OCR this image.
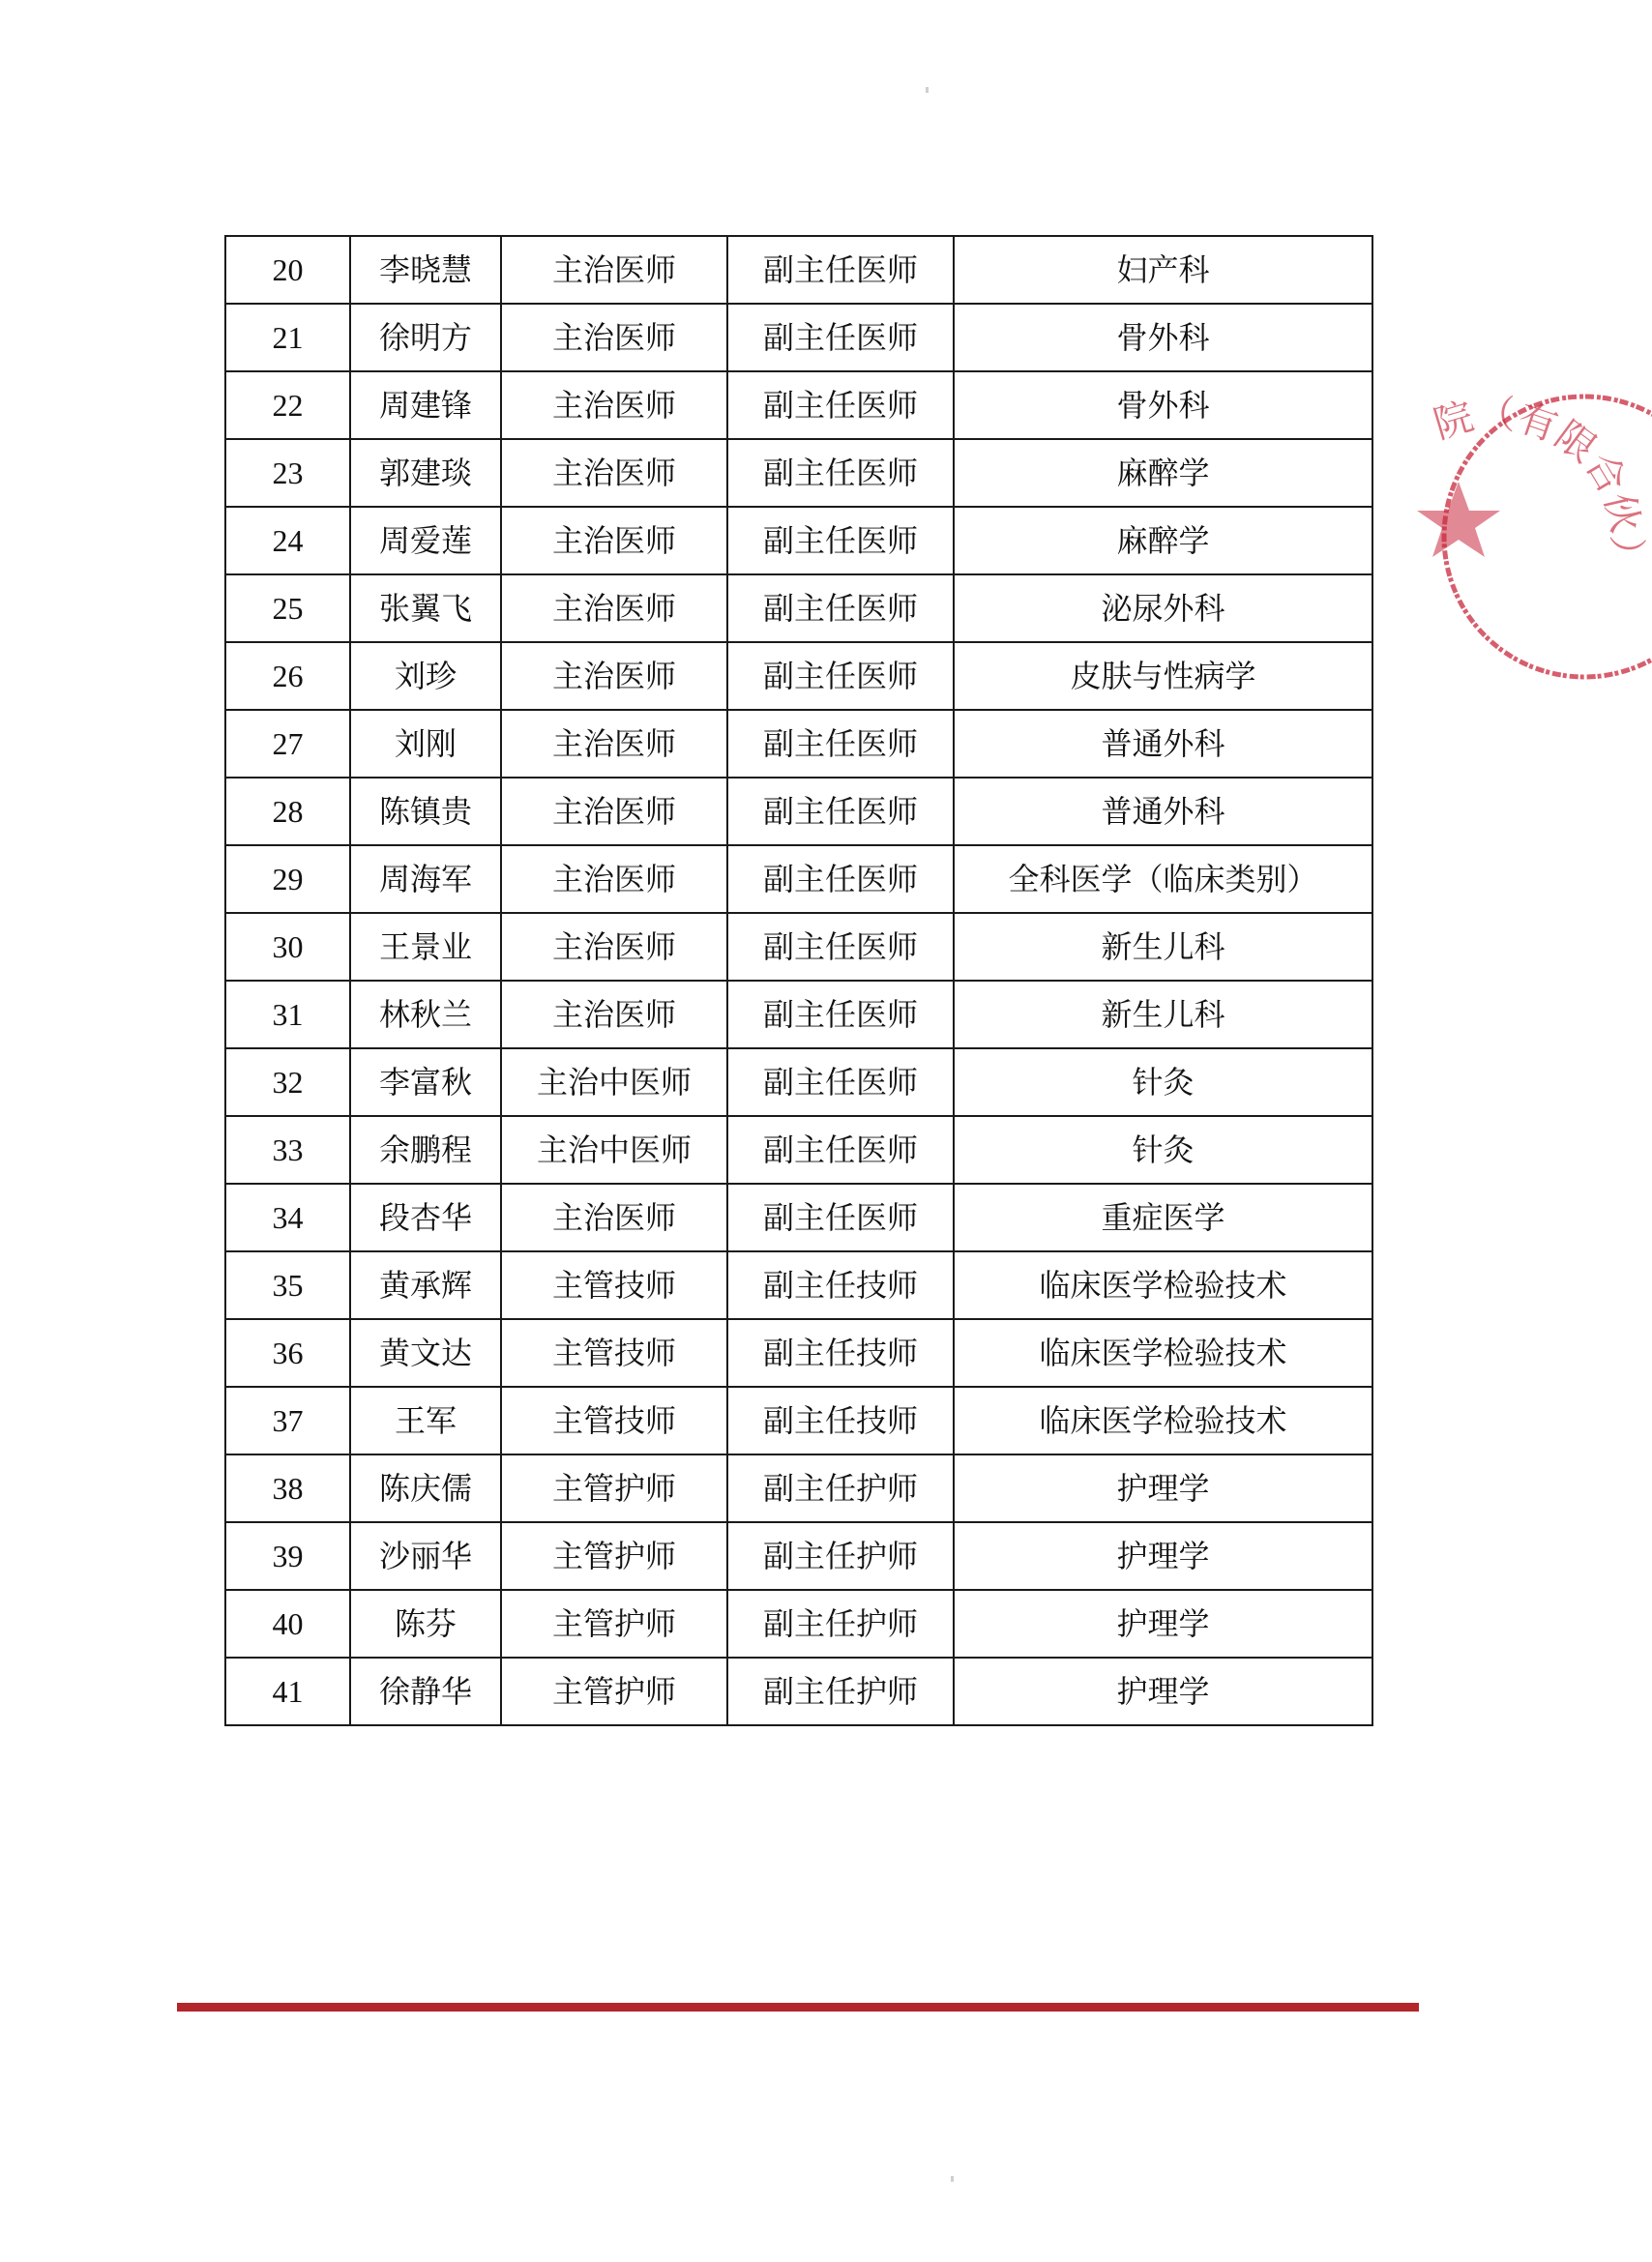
20	李晓慧	主治医师	副主任医师	妇产科
21	徐明方	主治医师	副主任医师	骨外科
22	周建锋	主治医师	副主任医师	骨外科
23	郭建琰	主治医师	副主任医师	麻醉学
24	周爱莲	主治医师	副主任医师	麻醉学
25	张翼飞	主治医师	副主任医师	泌尿外科
26	刘珍	主治医师	副主任医师	皮肤与性病学
27	刘刚	主治医师	副主任医师	普通外科
28	陈镇贵	主治医师	副主任医师	普通外科
29	周海军	主治医师	副主任医师	全科医学（临床类别）
30	王景业	主治医师	副主任医师	新生儿科
31	林秋兰	主治医师	副主任医师	新生儿科
32	李富秋	主治中医师	副主任医师	针灸
33	余鹏程	主治中医师	副主任医师	针灸
34	段杏华	主治医师	副主任医师	重症医学
35	黄承辉	主管技师	副主任技师	临床医学检验技术
36	黄文达	主管技师	副主任技师	临床医学检验技术
37	王军	主管技师	副主任技师	临床医学检验技术
38	陈庆儒	主管护师	副主任护师	护理学
39	沙丽华	主管护师	副主任护师	护理学
40	陈芬	主管护师	副主任护师	护理学
41	徐静华	主管护师	副主任护师	护理学
院（有限合伙）
